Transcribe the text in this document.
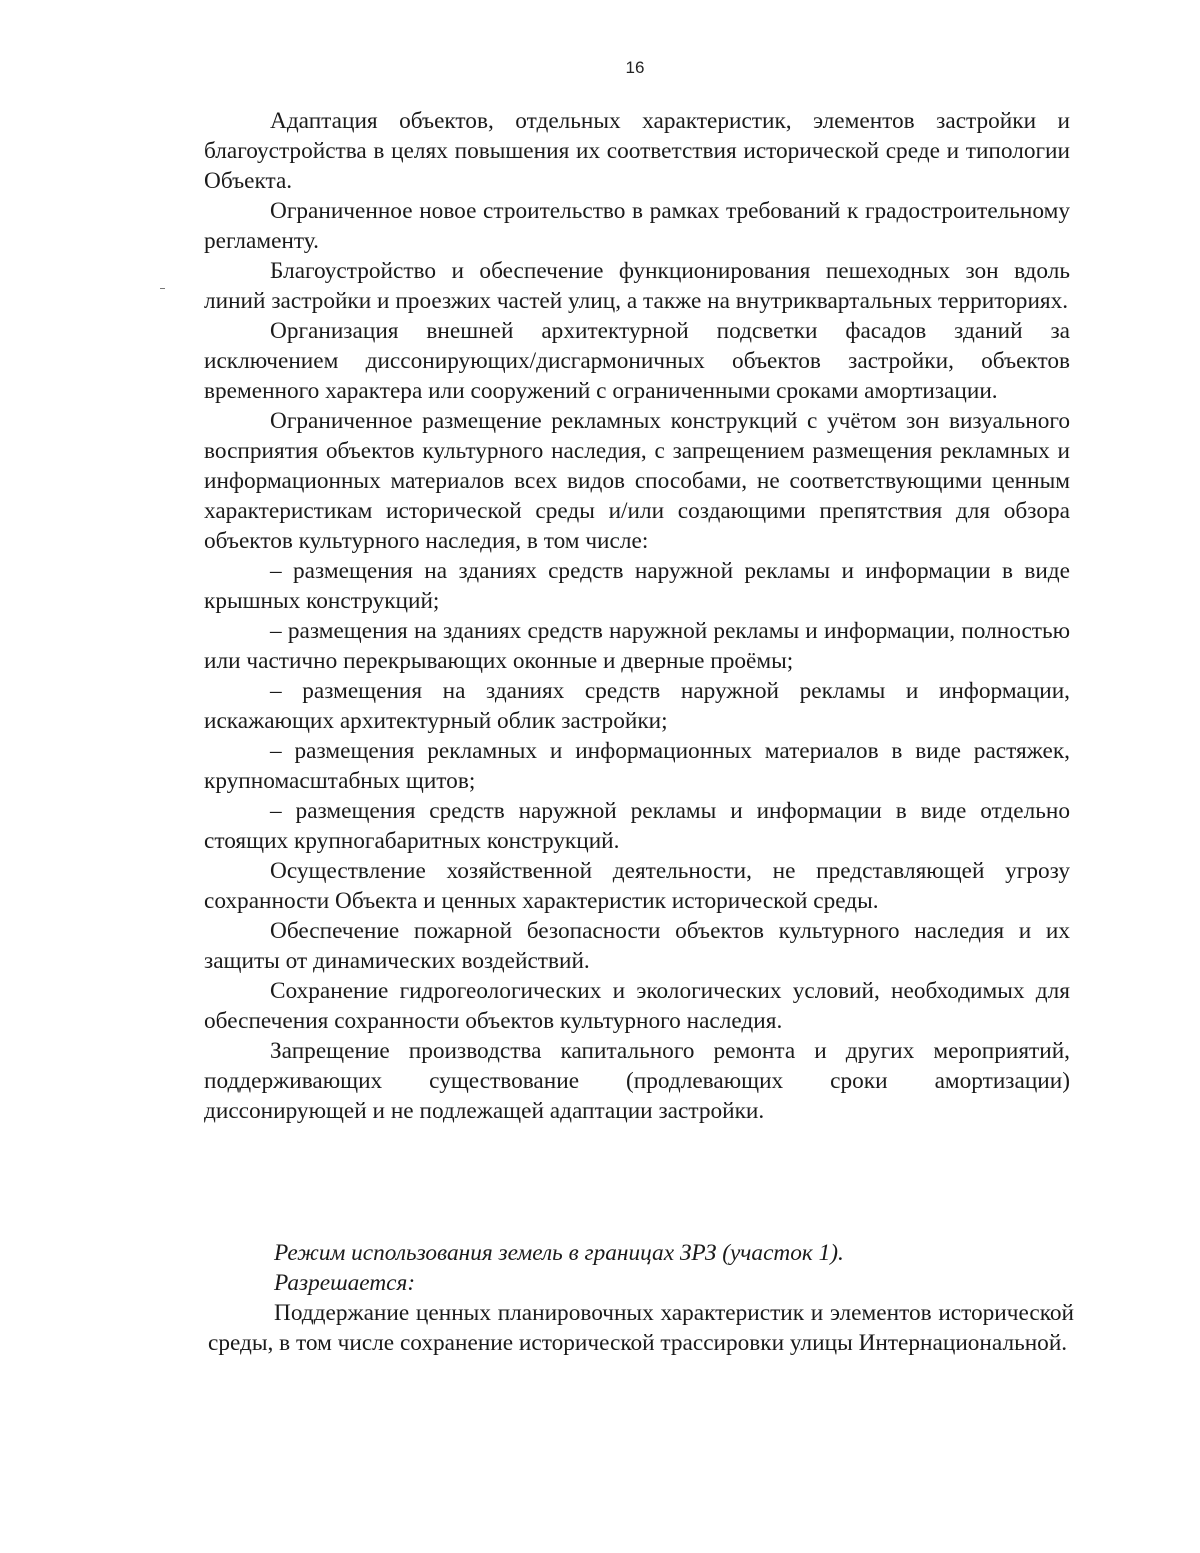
16

Адаптация объектов, отдельных характеристик, элементов застройки и благоустройства в целях повышения их соответствия исторической среде и типологии Объекта.

Ограниченное новое строительство в рамках требований к градостроительному регламенту.

Благоустройство и обеспечение функционирования пешеходных зон вдоль линий застройки и проезжих частей улиц, а также на внутриквартальных территориях.

Организация внешней архитектурной подсветки фасадов зданий за исключением диссонирующих/дисгармоничных объектов застройки, объектов временного характера или сооружений с ограниченными сроками амортизации.

Ограниченное размещение рекламных конструкций с учётом зон визуального восприятия объектов культурного наследия, с запрещением размещения рекламных и информационных материалов всех видов способами, не соответствующими ценным характеристикам исторической среды и/или создающими препятствия для обзора объектов культурного наследия, в том числе:

– размещения на зданиях средств наружной рекламы и информации в виде крышных конструкций;

– размещения на зданиях средств наружной рекламы и информации, полностью или частично перекрывающих оконные и дверные проёмы;

– размещения на зданиях средств наружной рекламы и информации, искажающих архитектурный облик застройки;

– размещения рекламных и информационных материалов в виде растяжек, крупномасштабных щитов;

– размещения средств наружной рекламы и информации в виде отдельно стоящих крупногабаритных конструкций.

Осуществление хозяйственной деятельности, не представляющей угрозу сохранности Объекта и ценных характеристик исторической среды.

Обеспечение пожарной безопасности объектов культурного наследия и их защиты от динамических воздействий.

Сохранение гидрогеологических и экологических условий, необходимых для обеспечения сохранности объектов культурного наследия.

Запрещение производства капитального ремонта и других мероприятий, поддерживающих существование (продлевающих сроки амортизации) диссонирующей и не подлежащей адаптации застройки.

Режим использования земель в границах ЗРЗ (участок 1).

Разрешается:

Поддержание ценных планировочных характеристик и элементов исторической среды, в том числе сохранение исторической трассировки улицы Интернациональной.
